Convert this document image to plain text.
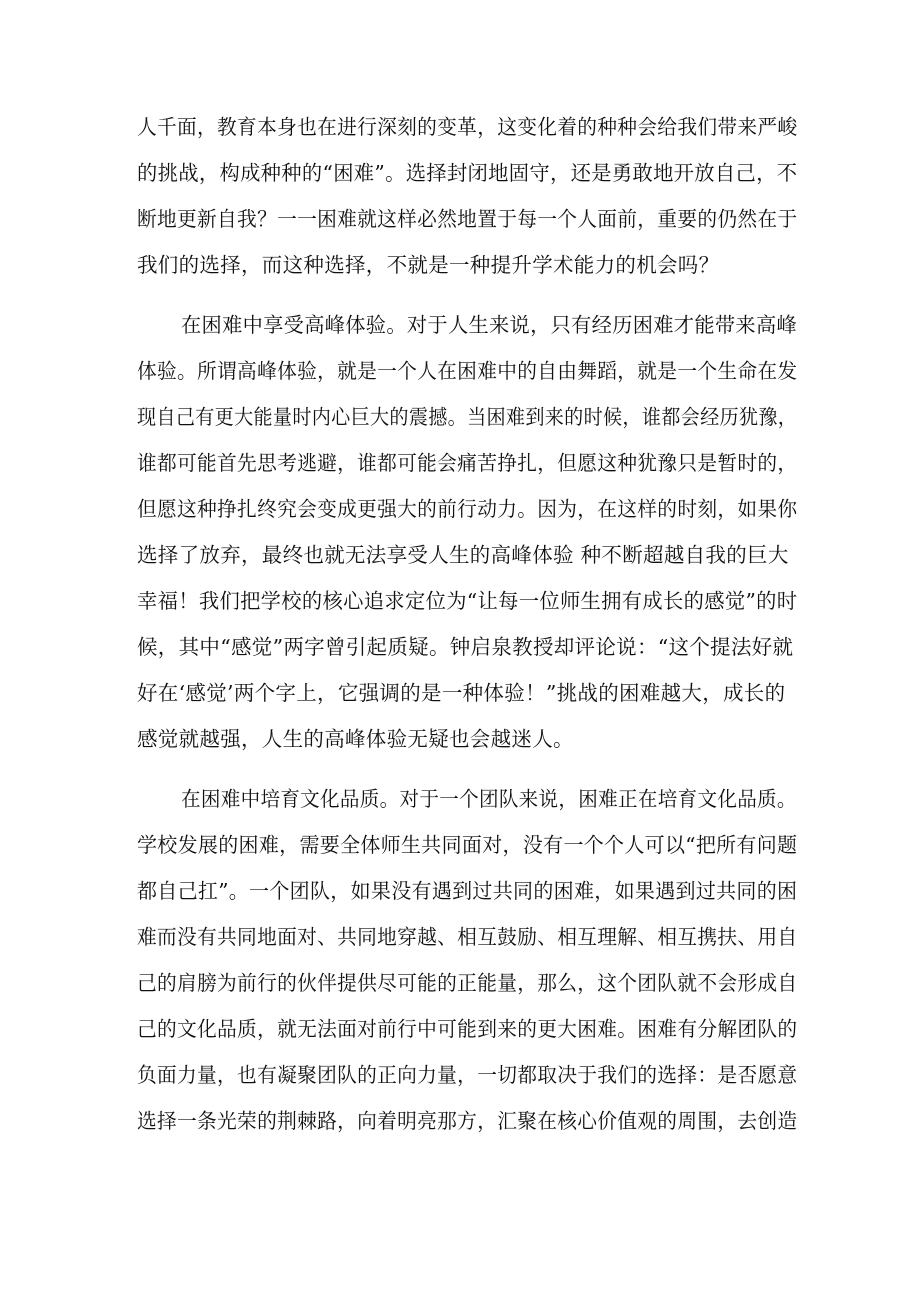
人千面，教育本身也在进行深刻的变革，这变化着的种种会给我们带来严峻
的挑战，构成种种的“困难”。选择封闭地固守，还是勇敢地开放自己，不
断地更新自我？一一困难就这样必然地置于每一个人面前，重要的仍然在于
我们的选择，而这种选择，不就是一种提升学术能力的机会吗？
在困难中享受高峰体验。对于人生来说，只有经历困难才能带来高峰
体验。所谓高峰体验，就是一个人在困难中的自由舞蹈，就是一个生命在发
现自己有更大能量时内心巨大的震撼。当困难到来的时候，谁都会经历犹豫，
谁都可能首先思考逃避，谁都可能会痛苦挣扎，但愿这种犹豫只是暂时的，
但愿这种挣扎终究会变成更强大的前行动力。因为，在这样的时刻，如果你
选择了放弃，最终也就无法享受人生的高峰体验 种不断超越自我的巨大
幸福！我们把学校的核心追求定位为“让每一位师生拥有成长的感觉”的时
候，其中“感觉”两字曾引起质疑。钟启泉教授却评论说：“这个提法好就
好在‘感觉’两个字上，它强调的是一种体验！”挑战的困难越大，成长的
感觉就越强，人生的高峰体验无疑也会越迷人。
在困难中培育文化品质。对于一个团队来说，困难正在培育文化品质。
学校发展的困难，需要全体师生共同面对，没有一个个人可以“把所有问题
都自己扛”。一个团队，如果没有遇到过共同的困难，如果遇到过共同的困
难而没有共同地面对、共同地穿越、相互鼓励、相互理解、相互携扶、用自
己的肩膀为前行的伙伴提供尽可能的正能量，那么，这个团队就不会形成自
己的文化品质，就无法面对前行中可能到来的更大困难。困难有分解团队的
负面力量，也有凝聚团队的正向力量，一切都取决于我们的选择：是否愿意
选择一条光荣的荆棘路，向着明亮那方，汇聚在核心价值观的周围，去创造
